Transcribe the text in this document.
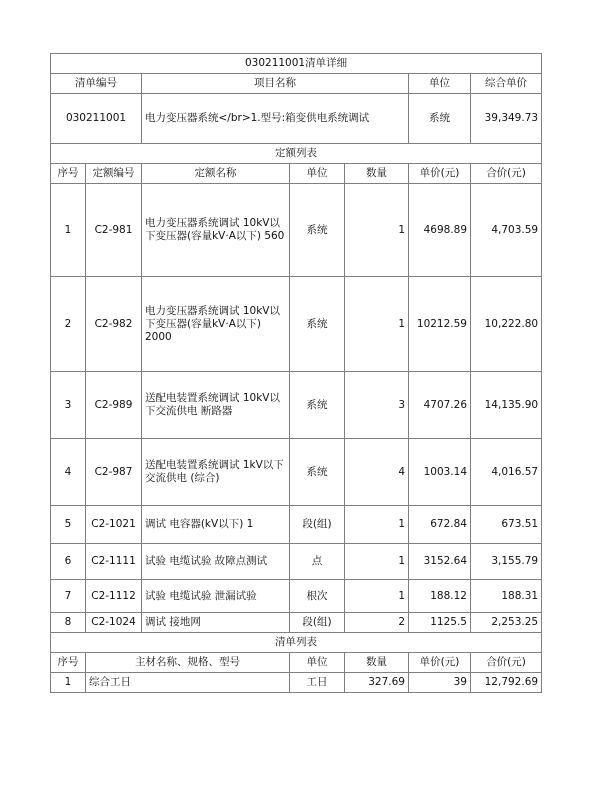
030211001清单详细						
清单编号		项目名称			单位	综合单价
030211001		电力变压器系统</br>1.型号:箱变供电系统调试			系统	39,349.73
定额列表						
序号	定额编号	定额名称	单位	数量	单价(元)	合价(元)
1	C2-981	电力变压器系统调试 10kV以下变压器(容量kV·A以下) 560	系统	1	4698.89	4,703.59
2	C2-982	电力变压器系统调试 10kV以下变压器(容量kV·A以下) 2000	系统	1	10212.59	10,222.80
3	C2-989	送配电装置系统调试 10kV以下交流供电 断路器	系统	3	4707.26	14,135.90
4	C2-987	送配电装置系统调试 1kV以下交流供电 (综合)	系统	4	1003.14	4,016.57
5	C2-1021	调试 电容器(kV以下) 1	段(组)	1	672.84	673.51
6	C2-1111	试验 电缆试验 故障点测试	点	1	3152.64	3,155.79
7	C2-1112	试验 电缆试验 泄漏试验	根次	1	188.12	188.31
8	C2-1024	调试 接地网	段(组)	2	1125.5	2,253.25
清单列表						
序号	主材名称、规格、型号		单位	数量	单价(元)	合价(元)
1	综合工日		工日	327.69	39	12,792.69
